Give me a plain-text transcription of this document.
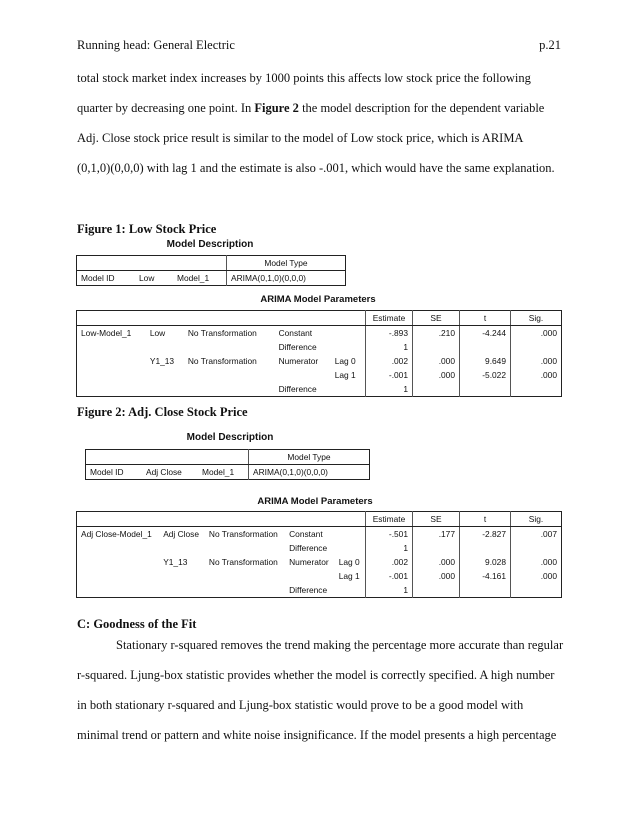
Running head: General Electric	p.21

total stock market index increases by 1000 points this affects low stock price the following

quarter by decreasing one point. In Figure 2 the model description for the dependent variable

Adj. Close stock price result is similar to the model of Low stock price, which is ARIMA

(0,1,0)(0,0,0) with lag 1 and the estimate is also -.001, which would have the same explanation.

Figure 1: Low Stock Price
Model Description
			Model Type
Model ID	Low	Model_1	ARIMA(0,1,0)(0,0,0)
ARIMA Model Parameters
					Estimate	SE	t	Sig.
Low-Model_1	Low	No Transformation	Constant		-.893	.210	-4.244	.000
			Difference		1			
	Y1_13	No Transformation	Numerator	Lag 0	.002	.000	9.649	.000
				Lag 1	-.001	.000	-5.022	.000
			Difference		1			
Figure 2: Adj. Close Stock Price
Model Description
			Model Type
Model ID	Adj Close	Model_1	ARIMA(0,1,0)(0,0,0)
ARIMA Model Parameters
					Estimate	SE	t	Sig.
Adj Close-Model_1	Adj Close	No Transformation	Constant		-.501	.177	-2.827	.007
			Difference		1			
	Y1_13	No Transformation	Numerator	Lag 0	.002	.000	9.028	.000
				Lag 1	-.001	.000	-4.161	.000
			Difference		1			
C: Goodness of the Fit

Stationary r-squared removes the trend making the percentage more accurate than regular

r-squared. Ljung-box statistic provides whether the model is correctly specified. A high number

in both stationary r-squared and Ljung-box statistic would prove to be a good model with

minimal trend or pattern and white noise insignificance. If the model presents a high percentage
